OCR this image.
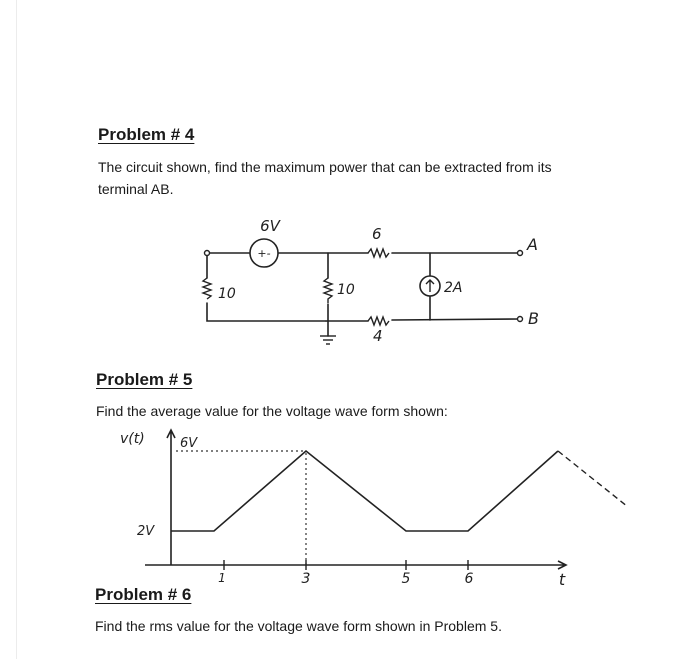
Problem # 4
The circuit shown, find the maximum power that can be extracted from its terminal AB.
+-
6V
10	10
6
4
2A
A
B
Problem # 5
Find the average value for the voltage wave form shown:
v(t)	6V
2V
1	3	5	6	t
Problem # 6
Find the rms value for the voltage wave form shown in Problem 5.
